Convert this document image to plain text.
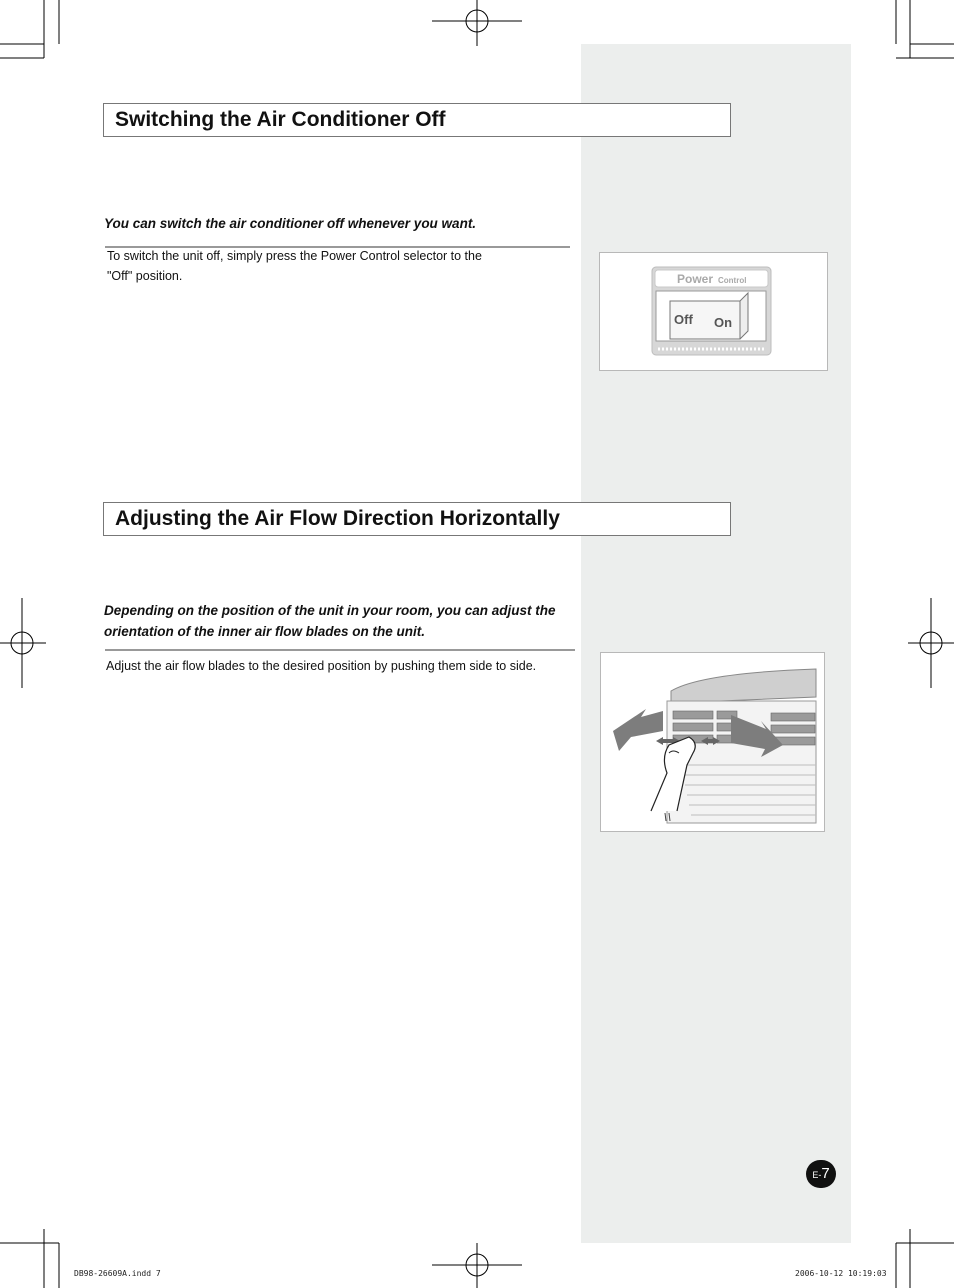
Switching the Air Conditioner Off
You can switch the air conditioner off whenever you want.
To switch the unit off, simply press the Power Control selector to the
"Off" position.	Power Control
Off On
Adjusting the Air Flow Direction Horizontally
Depending on the position of the unit in your room, you can adjust the
orientation of the inner air flow blades on the unit.
Adjust the air flow blades to the desired position by pushing them side to side.
E-7
DB98-26609A.indd 7	2006-10-12 10:19:03
